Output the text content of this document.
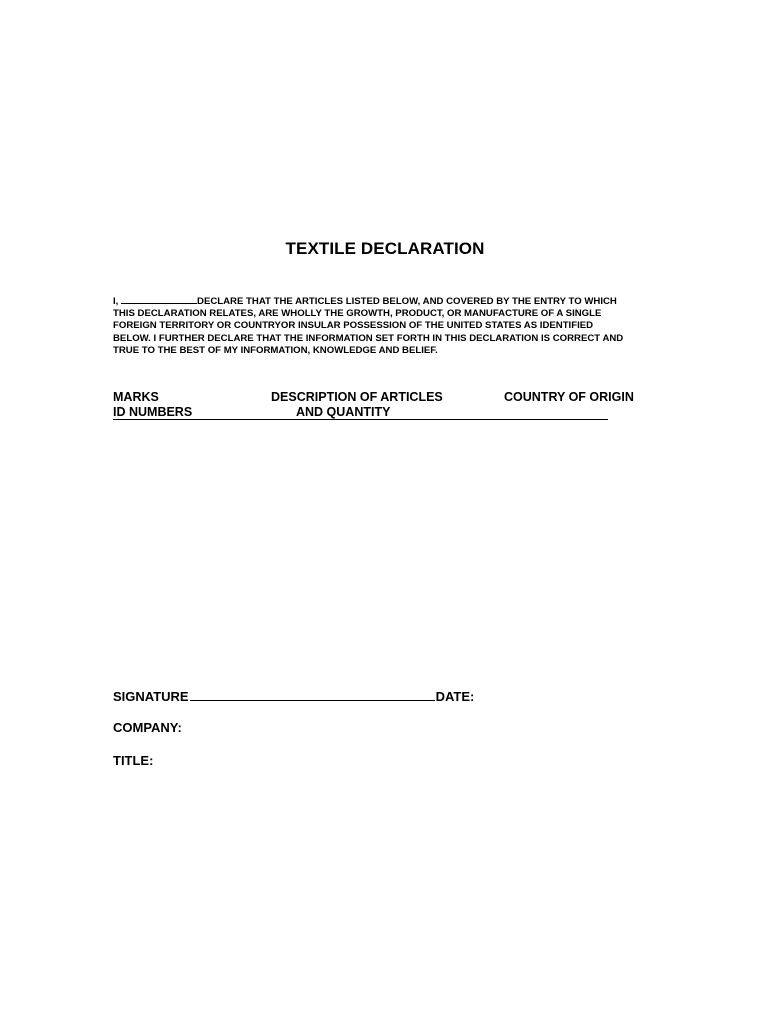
TEXTILE DECLARATION
I,	DECLARE THAT THE ARTICLES LISTED BELOW, AND COVERED BY THE ENTRY TO WHICH
THIS DECLARATION RELATES, ARE WHOLLY THE GROWTH, PRODUCT, OR MANUFACTURE OF A SINGLE
FOREIGN TERRITORY OR COUNTRYOR INSULAR POSSESSION OF THE UNITED STATES AS IDENTIFIED
BELOW. I FURTHER DECLARE THAT THE INFORMATION SET FORTH IN THIS DECLARATION IS CORRECT AND
TRUE TO THE BEST OF MY INFORMATION, KNOWLEDGE AND BELIEF.
MARKS
ID NUMBERS
DESCRIPTION OF ARTICLES
AND QUANTITY
COUNTRY OF ORIGIN
SIGNATURE	DATE:
COMPANY:
TITLE:
